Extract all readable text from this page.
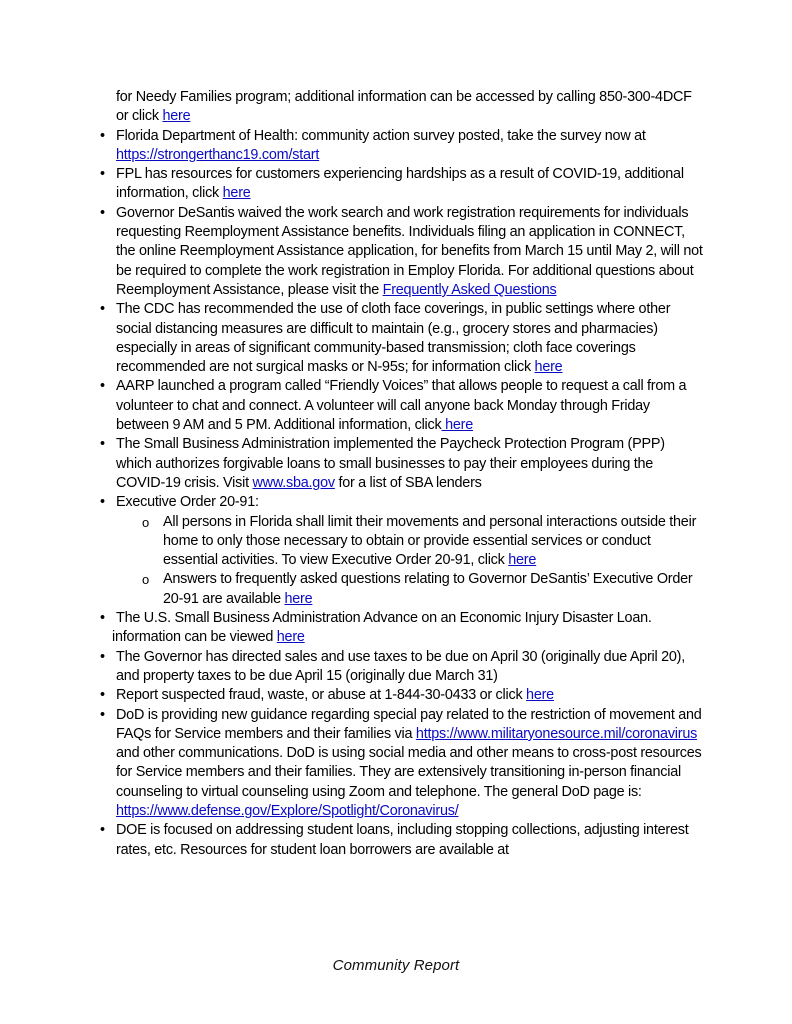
for Needy Families program; additional information can be accessed by calling 850-300-4DCF or click here

• Florida Department of Health: community action survey posted, take the survey now at https://strongerthanc19.com/start
• FPL has resources for customers experiencing hardships as a result of COVID-19, additional information, click here
• Governor DeSantis waived the work search and work registration requirements for individuals requesting Reemployment Assistance benefits. Individuals filing an application in CONNECT, the online Reemployment Assistance application, for benefits from March 15 until May 2, will not be required to complete the work registration in Employ Florida. For additional questions about Reemployment Assistance, please visit the Frequently Asked Questions
• The CDC has recommended the use of cloth face coverings, in public settings where other social distancing measures are difficult to maintain (e.g., grocery stores and pharmacies) especially in areas of significant community-based transmission; cloth face coverings recommended are not surgical masks or N-95s; for information click here
• AARP launched a program called “Friendly Voices” that allows people to request a call from a volunteer to chat and connect. A volunteer will call anyone back Monday through Friday between 9 AM and 5 PM. Additional information, click here
• The Small Business Administration implemented the Paycheck Protection Program (PPP) which authorizes forgivable loans to small businesses to pay their employees during the COVID-19 crisis. Visit www.sba.gov for a list of SBA lenders
• Executive Order 20-91:
o All persons in Florida shall limit their movements and personal interactions outside their home to only those necessary to obtain or provide essential services or conduct essential activities. To view Executive Order 20-91, click here
o Answers to frequently asked questions relating to Governor DeSantis’ Executive Order 20-91 are available here
• The U.S. Small Business Administration Advance on an Economic Injury Disaster Loan. information can be viewed here
• The Governor has directed sales and use taxes to be due on April 30 (originally due April 20), and property taxes to be due April 15 (originally due March 31)
• Report suspected fraud, waste, or abuse at 1-844-30-0433 or click here
• DoD is providing new guidance regarding special pay related to the restriction of movement and FAQs for Service members and their families via https://www.militaryonesource.mil/coronavirus and other communications. DoD is using social media and other means to cross-post resources for Service members and their families. They are extensively transitioning in-person financial counseling to virtual counseling using Zoom and telephone. The general DoD page is: https://www.defense.gov/Explore/Spotlight/Coronavirus/
• DOE is focused on addressing student loans, including stopping collections, adjusting interest rates, etc. Resources for student loan borrowers are available at
Community Report
